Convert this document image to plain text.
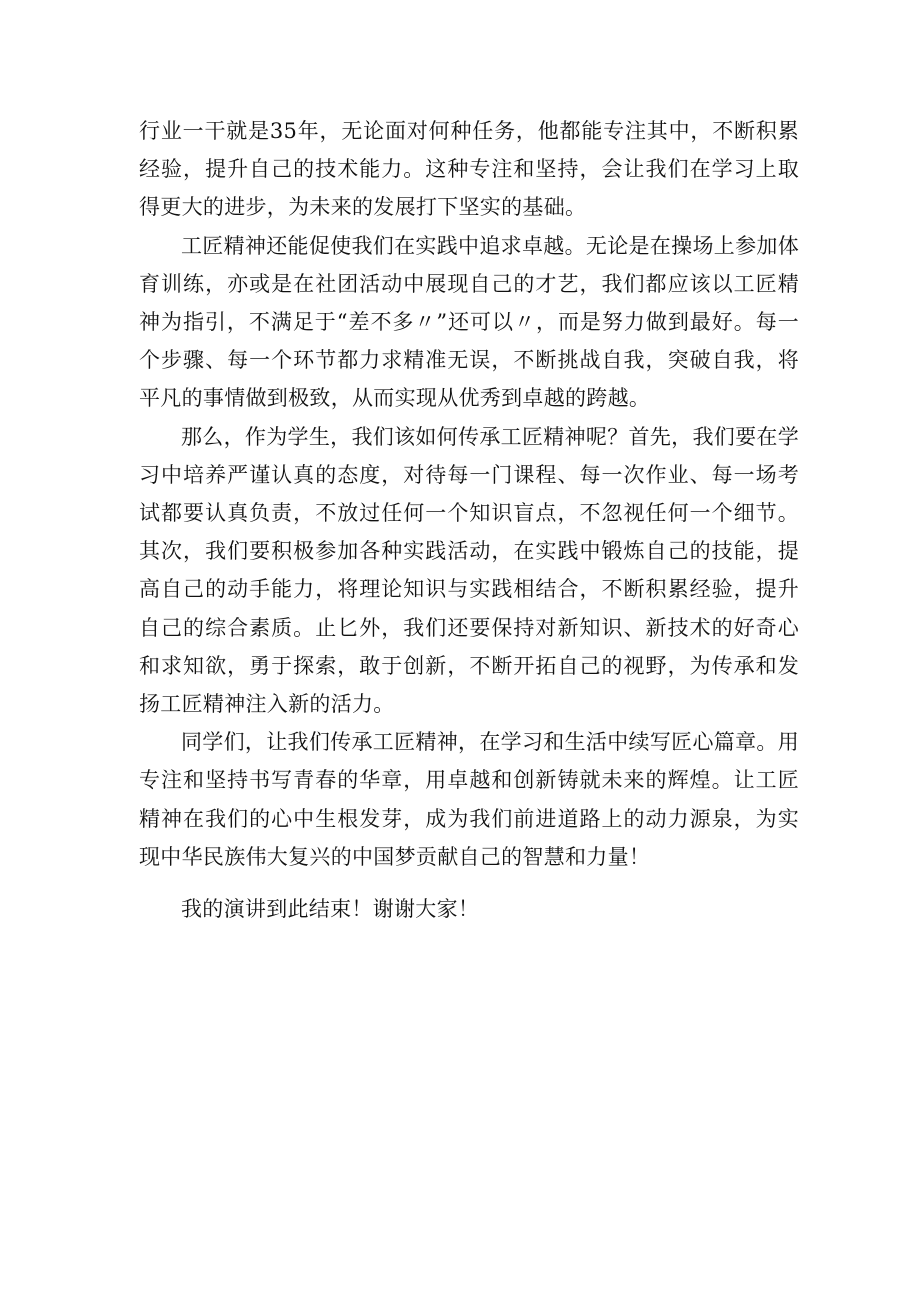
行业一干就是35年，无论面对何种任务，他都能专注其中，不断积累经验，提升自己的技术能力。这种专注和坚持，会让我们在学习上取得更大的进步，为未来的发展打下坚实的基础。

工匠精神还能促使我们在实践中追求卓越。无论是在操场上参加体育训练，亦或是在社团活动中展现自己的才艺，我们都应该以工匠精神为指引，不满足于“差不多〃”还可以〃，而是努力做到最好。每一个步骤、每一个环节都力求精准无误，不断挑战自我，突破自我，将平凡的事情做到极致，从而实现从优秀到卓越的跨越。

那么，作为学生，我们该如何传承工匠精神呢？首先，我们要在学习中培养严谨认真的态度，对待每一门课程、每一次作业、每一场考试都要认真负责，不放过任何一个知识盲点，不忽视任何一个细节。其次，我们要积极参加各种实践活动，在实践中锻炼自己的技能，提高自己的动手能力，将理论知识与实践相结合，不断积累经验，提升自己的综合素质。止匕外，我们还要保持对新知识、新技术的好奇心和求知欲，勇于探索，敢于创新，不断开拓自己的视野，为传承和发扬工匠精神注入新的活力。

同学们，让我们传承工匠精神，在学习和生活中续写匠心篇章。用专注和坚持书写青春的华章，用卓越和创新铸就未来的辉煌。让工匠精神在我们的心中生根发芽，成为我们前进道路上的动力源泉，为实现中华民族伟大复兴的中国梦贡献自己的智慧和力量！

我的演讲到此结束！谢谢大家！
